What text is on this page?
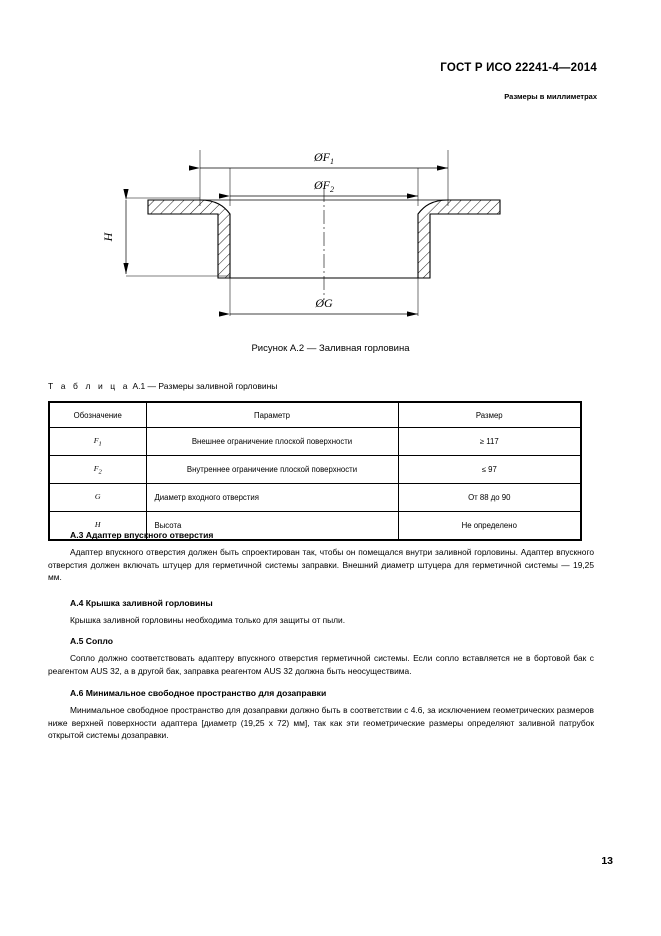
ГОСТ Р ИСО 22241-4—2014
Размеры в миллиметрах
$ØF_1$
$ØF_2$
H
ØG
Рисунок А.2 — Заливная горловина
Т а б л и ц а А.1 — Размеры заливной горловины
Обозначение	Параметр	Размер
$F_1$	Внешнее ограничение плоской поверхности	≥ 117
$F_2$	Внутреннее ограничение плоской поверхности	≤ 97
G	Диаметр входного отверстия	От 88 до 90
H	Высота	Не определено
А.3 Адаптер впускного отверстия

Адаптер впускного отверстия должен быть спроектирован так, чтобы он помещался внутри заливной горловины. Адаптер впускного отверстия должен включать штуцер для герметичной системы заправки. Внешний диаметр штуцера для герметичной системы — 19,25 мм.

А.4 Крышка заливной горловины

Крышка заливной горловины необходима только для защиты от пыли.

А.5 Сопло

Сопло должно соответствовать адаптеру впускного отверстия герметичной системы. Если сопло вставляется не в бортовой бак с реагентом AUS 32, а в другой бак, заправка реагентом AUS 32 должна быть неосуществима.

А.6 Минимальное свободное пространство для дозаправки

Минимальное свободное пространство для дозаправки должно быть в соответствии с 4.6, за исключением геометрических размеров ниже верхней поверхности адаптера [диаметр (19,25 х 72) мм], так как эти геометрические размеры определяют заливной патрубок открытой системы дозаправки.

13
